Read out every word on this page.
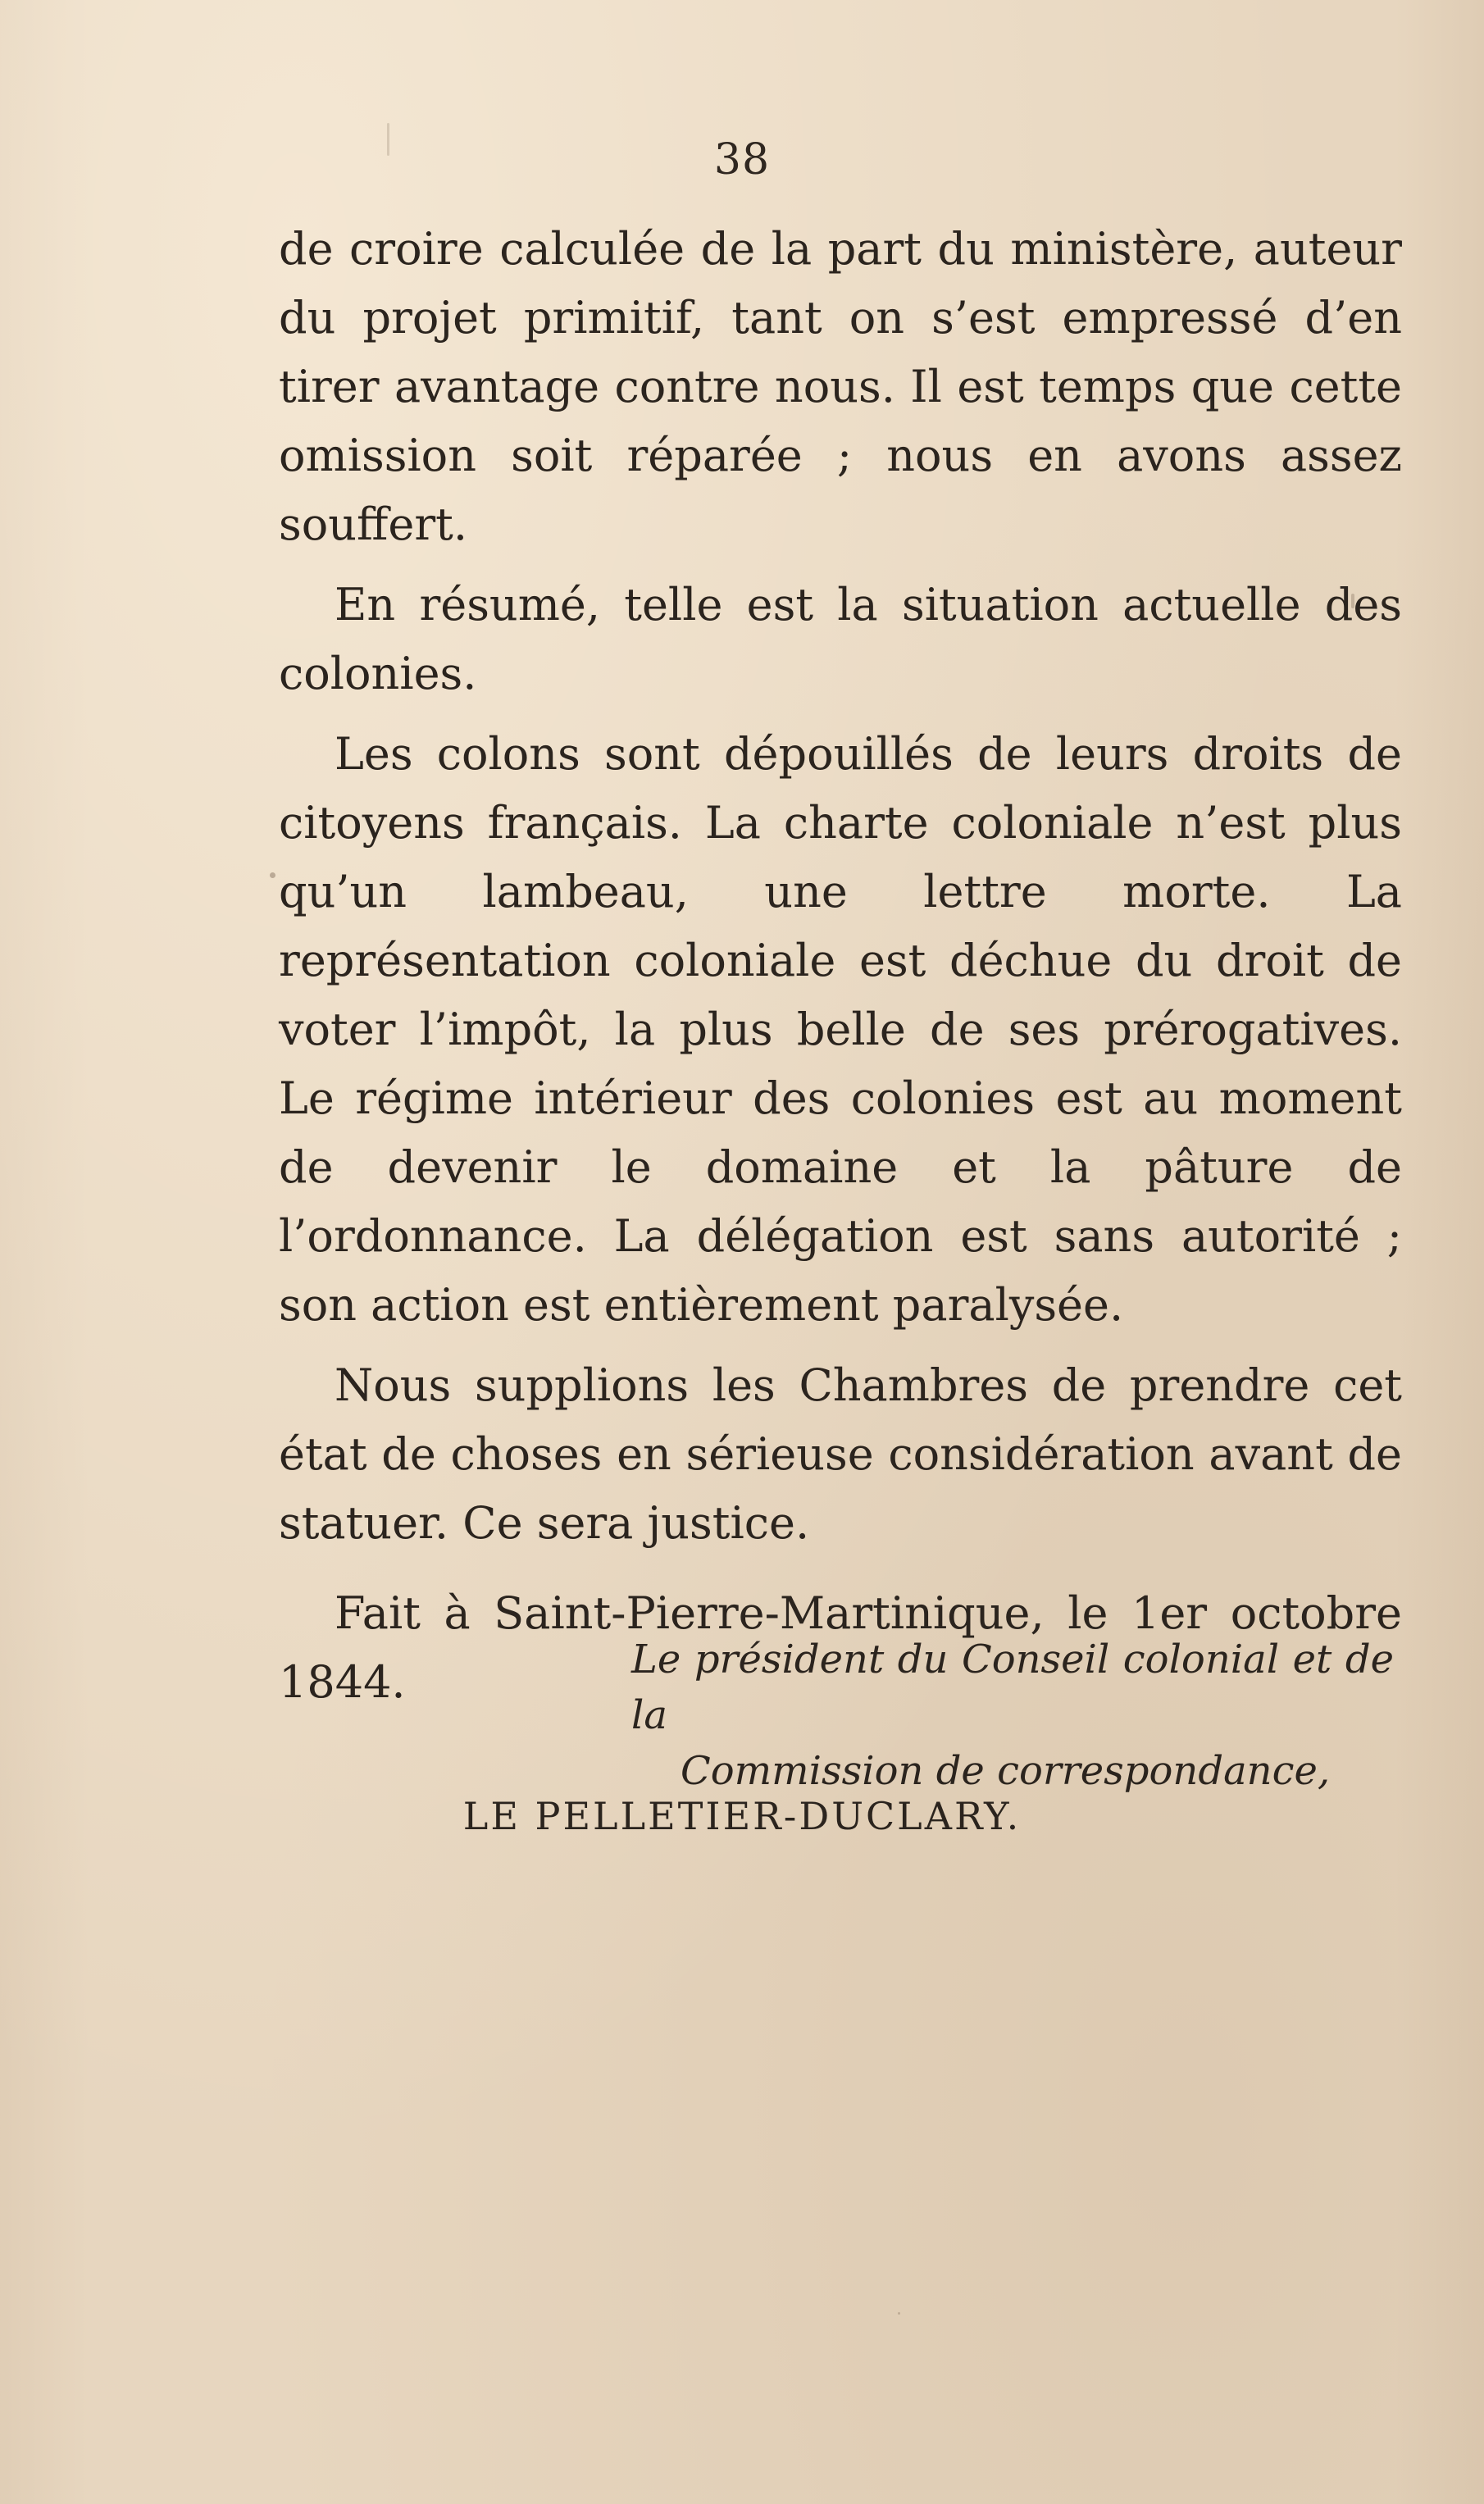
38

de croire calculée de la part du ministère, auteur du projet primitif, tant on s’est empressé d’en tirer avantage contre nous. Il est temps que cette omission soit réparée ; nous en avons assez souffert.

En résumé, telle est la situation actuelle des colonies.

Les colons sont dépouillés de leurs droits de citoyens français. La charte coloniale n’est plus qu’un lambeau, une lettre morte. La représentation coloniale est déchue du droit de voter l’impôt, la plus belle de ses prérogatives. Le régime intérieur des colonies est au moment de devenir le domaine et la pâture de l’ordonnance. La délégation est sans autorité ; son action est entièrement paralysée.

Nous supplions les Chambres de prendre cet état de choses en sérieuse considération avant de statuer. Ce sera justice.

Fait à Saint-Pierre-Martinique, le 1er octobre 1844.	Le président du Conseil colonial et de la
Commission de correspondance,
LE PELLETIER-DUCLARY.
